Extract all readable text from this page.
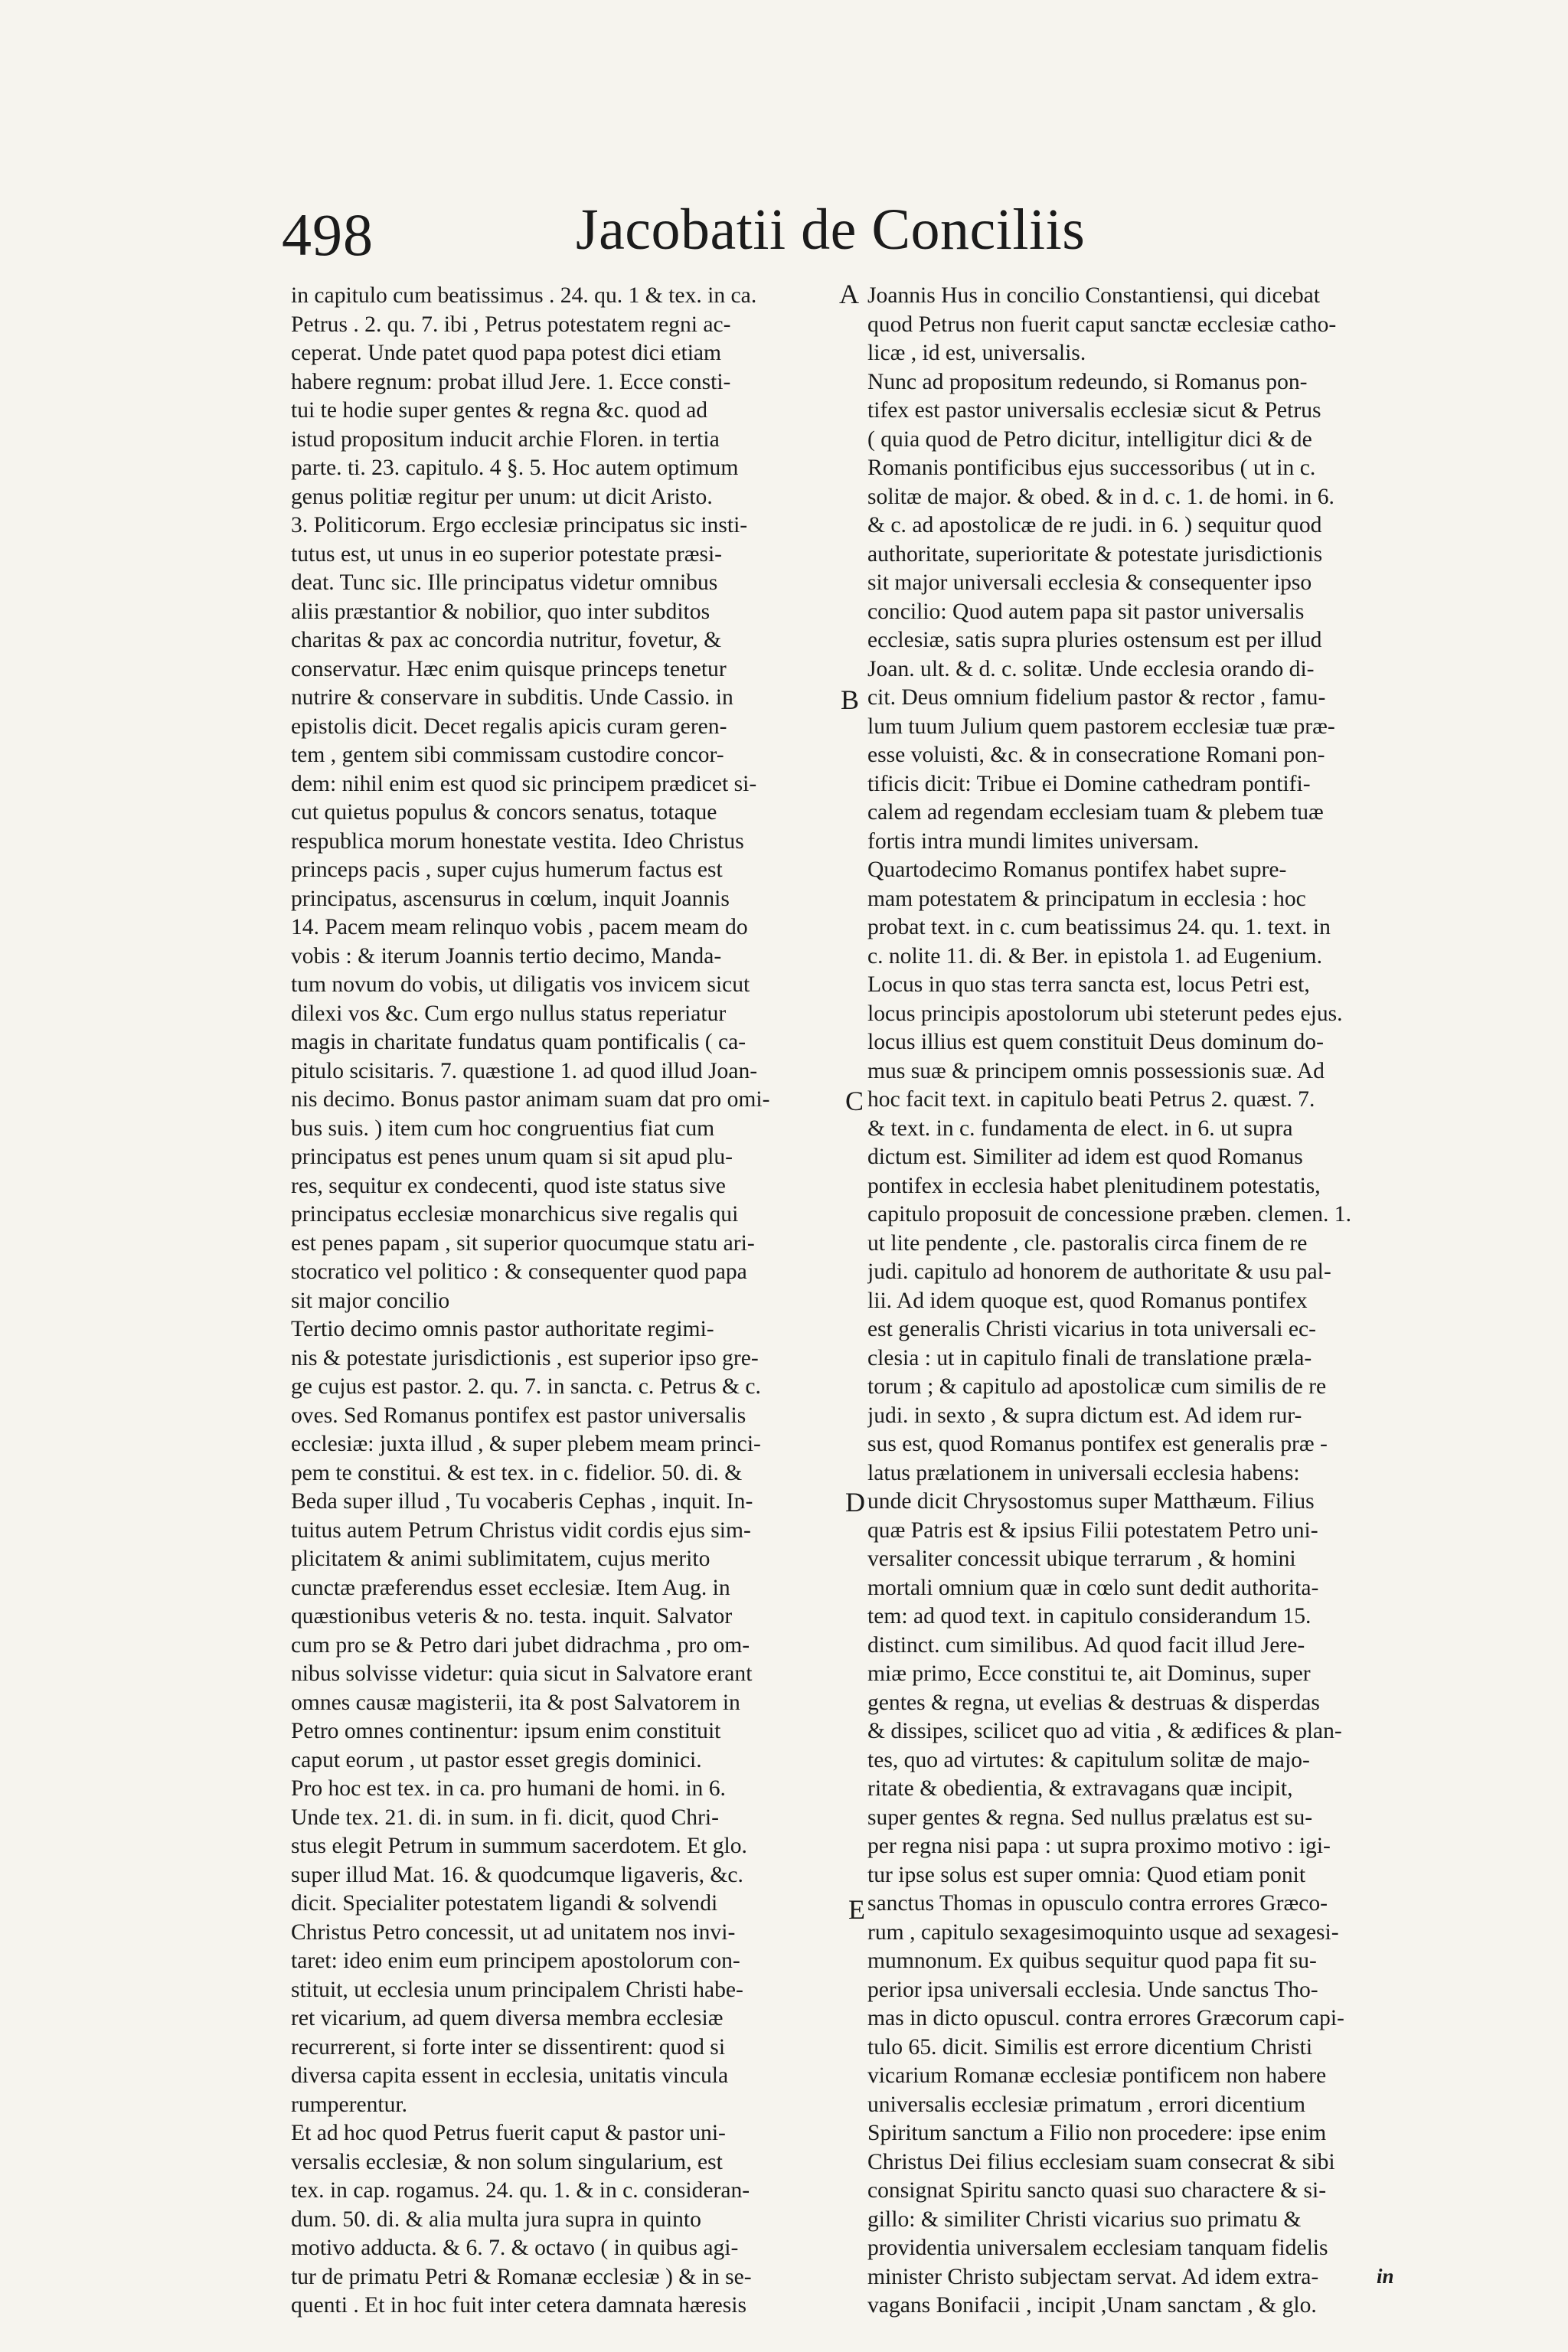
498	Jacobatii de Conciliis
in capitulo cum beatissimus . 24. qu. 1 & tex. in ca.
Petrus . 2. qu. 7. ibi , Petrus potestatem regni ac-
ceperat. Unde patet quod papa potest dici etiam
habere regnum: probat illud Jere. 1. Ecce consti-
tui te hodie super gentes & regna &c. quod ad
istud propositum inducit archie Floren. in tertia
parte. ti. 23. capitulo. 4 §. 5. Hoc autem optimum
genus politiæ regitur per unum: ut dicit Aristo.
3. Politicorum. Ergo ecclesiæ principatus sic insti-
tutus est, ut unus in eo superior potestate præsi-
deat. Tunc sic. Ille principatus videtur omnibus
aliis præstantior & nobilior, quo inter subditos
charitas & pax ac concordia nutritur, fovetur, &
conservatur. Hæc enim quisque princeps tenetur
nutrire & conservare in subditis. Unde Cassio. in
epistolis dicit. Decet regalis apicis curam geren-
tem , gentem sibi commissam custodire concor-
dem: nihil enim est quod sic principem prædicet si-
cut quietus populus & concors senatus, totaque
respublica morum honestate vestita. Ideo Christus
princeps pacis , super cujus humerum factus est
principatus, ascensurus in cœlum, inquit Joannis
14. Pacem meam relinquo vobis , pacem meam do
vobis : & iterum Joannis tertio decimo, Manda-
tum novum do vobis, ut diligatis vos invicem sicut
dilexi vos &c. Cum ergo nullus status reperiatur
magis in charitate fundatus quam pontificalis ( ca-
pitulo scisitaris. 7. quæstione 1. ad quod illud Joan-
nis decimo. Bonus pastor animam suam dat pro omi-
bus suis. ) item cum hoc congruentius fiat cum
principatus est penes unum quam si sit apud plu-
res, sequitur ex condecenti, quod iste status sive
principatus ecclesiæ monarchicus sive regalis qui
est penes papam , sit superior quocumque statu ari-
stocratico vel politico : & consequenter quod papa
sit major concilio
Tertio decimo omnis pastor authoritate regimi-
nis & potestate jurisdictionis , est superior ipso gre-
ge cujus est pastor. 2. qu. 7. in sancta. c. Petrus & c.
oves. Sed Romanus pontifex est pastor universalis
ecclesiæ: juxta illud , & super plebem meam princi-
pem te constitui. & est tex. in c. fidelior. 50. di. &
Beda super illud , Tu vocaberis Cephas , inquit. In-
tuitus autem Petrum Christus vidit cordis ejus sim-
plicitatem & animi sublimitatem, cujus merito
cunctæ præferendus esset ecclesiæ. Item Aug. in
quæstionibus veteris & no. testa. inquit. Salvator
cum pro se & Petro dari jubet didrachma , pro om-
nibus solvisse videtur: quia sicut in Salvatore erant
omnes causæ magisterii, ita & post Salvatorem in
Petro omnes continentur: ipsum enim constituit
caput eorum , ut pastor esset gregis dominici.
Pro hoc est tex. in ca. pro humani de homi. in 6.
Unde tex. 21. di. in sum. in fi. dicit, quod Chri-
stus elegit Petrum in summum sacerdotem. Et glo.
super illud Mat. 16. & quodcumque ligaveris, &c.
dicit. Specialiter potestatem ligandi & solvendi
Christus Petro concessit, ut ad unitatem nos invi-
taret: ideo enim eum principem apostolorum con-
stituit, ut ecclesia unum principalem Christi habe-
ret vicarium, ad quem diversa membra ecclesiæ
recurrerent, si forte inter se dissentirent: quod si
diversa capita essent in ecclesia, unitatis vincula
rumperentur.
Et ad hoc quod Petrus fuerit caput & pastor uni-
versalis ecclesiæ, & non solum singularium, est
tex. in cap. rogamus. 24. qu. 1. & in c. consideran-
dum. 50. di. & alia multa jura supra in quinto
motivo adducta. & 6. 7. & octavo ( in quibus agi-
tur de primatu Petri & Romanæ ecclesiæ ) & in se-
quenti . Et in hoc fuit inter cetera damnata hæresis
Joannis Hus in concilio Constantiensi, qui dicebat
quod Petrus non fuerit caput sanctæ ecclesiæ catho-
licæ , id est, universalis.
Nunc ad propositum redeundo, si Romanus pon-
tifex est pastor universalis ecclesiæ sicut & Petrus
( quia quod de Petro dicitur, intelligitur dici & de
Romanis pontificibus ejus successoribus ( ut in c.
solitæ de major. & obed. & in d. c. 1. de homi. in 6.
& c. ad apostolicæ de re judi. in 6. ) sequitur quod
authoritate, superioritate & potestate jurisdictionis
sit major universali ecclesia & consequenter ipso
concilio: Quod autem papa sit pastor universalis
ecclesiæ, satis supra pluries ostensum est per illud
Joan. ult. & d. c. solitæ. Unde ecclesia orando di-
cit. Deus omnium fidelium pastor & rector , famu-
lum tuum Julium quem pastorem ecclesiæ tuæ præ-
esse voluisti, &c. & in consecratione Romani pon-
tificis dicit: Tribue ei Domine cathedram pontifi-
calem ad regendam ecclesiam tuam & plebem tuæ
fortis intra mundi limites universam.
Quartodecimo Romanus pontifex habet supre-
mam potestatem & principatum in ecclesia : hoc
probat text. in c. cum beatissimus 24. qu. 1. text. in
c. nolite 11. di. & Ber. in epistola 1. ad Eugenium.
Locus in quo stas terra sancta est, locus Petri est,
locus principis apostolorum ubi steterunt pedes ejus.
locus illius est quem constituit Deus dominum do-
mus suæ & principem omnis possessionis suæ. Ad
hoc facit text. in capitulo beati Petrus 2. quæst. 7.
& text. in c. fundamenta de elect. in 6. ut supra
dictum est. Similiter ad idem est quod Romanus
pontifex in ecclesia habet plenitudinem potestatis,
capitulo proposuit de concessione præben. clemen. 1.
ut lite pendente , cle. pastoralis circa finem de re
judi. capitulo ad honorem de authoritate & usu pal-
lii. Ad idem quoque est, quod Romanus pontifex
est generalis Christi vicarius in tota universali ec-
clesia : ut in capitulo finali de translatione præla-
torum ; & capitulo ad apostolicæ cum similis de re
judi. in sexto , & supra dictum est. Ad idem rur-
sus est, quod Romanus pontifex est generalis præ -
latus prælationem in universali ecclesia habens:
unde dicit Chrysostomus super Matthæum. Filius
quæ Patris est & ipsius Filii potestatem Petro uni-
versaliter concessit ubique terrarum , & homini
mortali omnium quæ in cœlo sunt dedit authorita-
tem: ad quod text. in capitulo considerandum 15.
distinct. cum similibus. Ad quod facit illud Jere-
miæ primo, Ecce constitui te, ait Dominus, super
gentes & regna, ut evelias & destruas & disperdas
& dissipes, scilicet quo ad vitia , & ædifices & plan-
tes, quo ad virtutes: & capitulum solitæ de majo-
ritate & obedientia, & extravagans quæ incipit,
super gentes & regna. Sed nullus prælatus est su-
per regna nisi papa : ut supra proximo motivo : igi-
tur ipse solus est super omnia: Quod etiam ponit
sanctus Thomas in opusculo contra errores Græco-
rum , capitulo sexagesimoquinto usque ad sexagesi-
mumnonum. Ex quibus sequitur quod papa fit su-
perior ipsa universali ecclesia. Unde sanctus Tho-
mas in dicto opuscul. contra errores Græcorum capi-
tulo 65. dicit. Similis est errore dicentium Christi
vicarium Romanæ ecclesiæ pontificem non habere
universalis ecclesiæ primatum , errori dicentium
Spiritum sanctum a Filio non procedere: ipse enim
Christus Dei filius ecclesiam suam consecrat & sibi
consignat Spiritu sancto quasi suo charactere & si-
gillo: & similiter Christi vicarius suo primatu &
providentia universalem ecclesiam tanquam fidelis
minister Christo subjectam servat. Ad idem extra-
vagans Bonifacii , incipit ,Unam sanctam , & glo.
A
B
C
D
E
in
